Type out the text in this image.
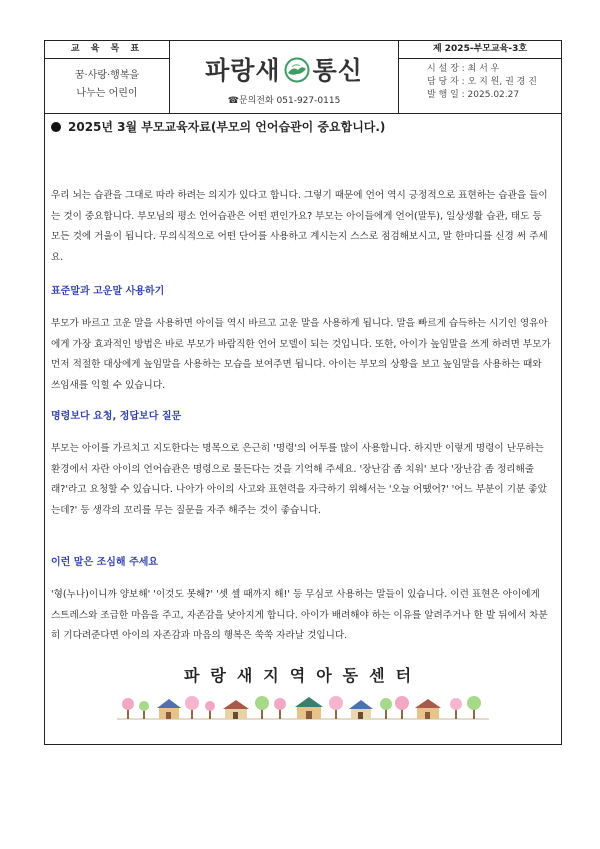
교 육 목 표
꿈·사랑·행복을
나누는 어린이
파랑새 통신
☎문의전화 051-927-0115
제 2025-부모교육-3호
시 설 장 : 최 서 우
담 당 자 : 오 지 원, 권 경 진
발 행 일 : 2025.02.27
2025년 3월 부모교육자료(부모의 언어습관이 중요합니다.)
우리 뇌는 습관을 그대로 따라 하려는 의지가 있다고 합니다. 그렇기 때문에 언어 역시 긍정적으로 표현하는 습관을 들이는 것이 중요합니다. 부모님의 평소 언어습관은 어떤 편인가요? 부모는 아이들에게 언어(말투), 일상생활 습관, 태도 등 모든 것에 거울이 됩니다. 무의식적으로 어떤 단어를 사용하고 계시는지 스스로 점검해보시고, 말 한마디를 신경 써 주세요.
표준말과 고운말 사용하기
부모가 바르고 고운 말을 사용하면 아이들 역시 바르고 고운 말을 사용하게 됩니다. 말을 빠르게 습득하는 시기인 영유아에게 가장 효과적인 방법은 바로 부모가 바람직한 언어 모델이 되는 것입니다. 또한, 아이가 높임말을 쓰게 하려면 부모가 먼저 적절한 대상에게 높임말을 사용하는 모습을 보여주면 됩니다. 아이는 부모의 상황을 보고 높임말을 사용하는 때와 쓰임새를 익힐 수 있습니다.
명령보다 요청, 정답보다 질문
부모는 아이를 가르치고 지도한다는 명목으로 은근히 '명령'의 어투를 많이 사용합니다. 하지만 이렇게 명령이 난무하는 환경에서 자란 아이의 언어습관은 명령으로 물든다는 것을 기억해 주세요. '장난감 좀 치워' 보다 '장난감 좀 정리해줄래?'라고 요청할 수 있습니다. 나아가 아이의 사고와 표현력을 자극하기 위해서는 '오늘 어땠어?' '어느 부분이 기분 좋았는데?' 등 생각의 꼬리를 무는 질문을 자주 해주는 것이 좋습니다.
이런 말은 조심해 주세요
'형(누나)이니까 양보해' '이것도 못해?' '셋 셀 때까지 해!' 등 무심코 사용하는 말들이 있습니다. 이런 표현은 아이에게 스트레스와 조급한 마음을 주고, 자존감을 낮아지게 합니다. 아이가 배려해야 하는 이유를 알려주거나 한 발 뒤에서 차분히 기다려준다면 아이의 자존감과 마음의 행복은 쑥쑥 자라날 것입니다.
파랑새지역아동센터
